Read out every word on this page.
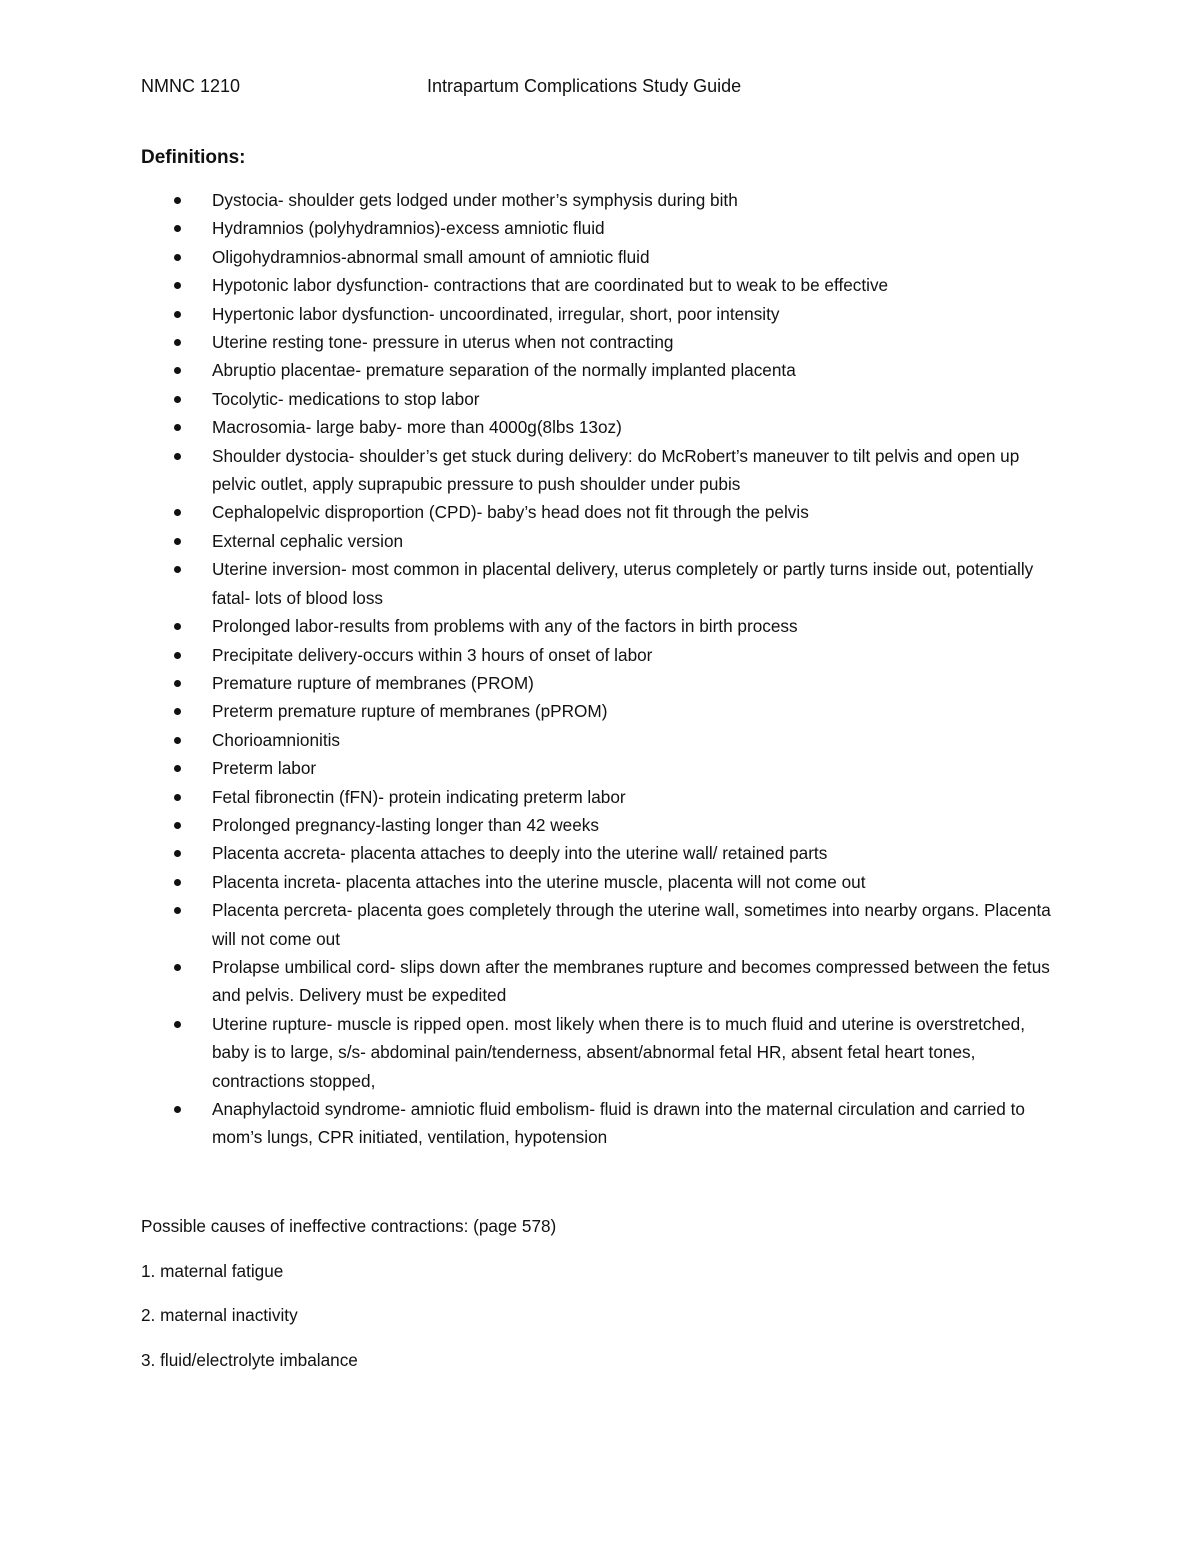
NMNC 1210	Intrapartum Complications Study Guide
Definitions:
Dystocia- shoulder gets lodged under mother’s symphysis during bith
Hydramnios (polyhydramnios)-excess amniotic fluid
Oligohydramnios-abnormal small amount of amniotic fluid
Hypotonic labor dysfunction- contractions that are coordinated but to weak to be effective
Hypertonic labor dysfunction- uncoordinated, irregular, short, poor intensity
Uterine resting tone- pressure in uterus when not contracting
Abruptio placentae- premature separation of the normally implanted placenta
Tocolytic- medications to stop labor
Macrosomia- large baby- more than 4000g(8lbs 13oz)
Shoulder dystocia- shoulder’s get stuck during delivery: do McRobert’s maneuver to tilt pelvis and open up pelvic outlet, apply suprapubic pressure to push shoulder under pubis
Cephalopelvic disproportion (CPD)- baby’s head does not fit through the pelvis
External cephalic version
Uterine inversion- most common in placental delivery, uterus completely or partly turns inside out, potentially fatal- lots of blood loss
Prolonged labor-results from problems with any of the factors in birth process
Precipitate delivery-occurs within 3 hours of onset of labor
Premature rupture of membranes (PROM)
Preterm premature rupture of membranes (pPROM)
Chorioamnionitis
Preterm labor
Fetal fibronectin (fFN)- protein indicating preterm labor
Prolonged pregnancy-lasting longer than 42 weeks
Placenta accreta- placenta attaches to deeply into the uterine wall/ retained parts
Placenta increta- placenta attaches into the uterine muscle, placenta will not come out
Placenta percreta- placenta goes completely through the uterine wall, sometimes into nearby organs. Placenta will not come out
Prolapse umbilical cord- slips down after the membranes rupture and becomes compressed between the fetus and pelvis. Delivery must be expedited
Uterine rupture- muscle is ripped open. most likely when there is to much fluid and uterine is overstretched, baby is to large, s/s- abdominal pain/tenderness, absent/abnormal fetal HR, absent fetal heart tones, contractions stopped,
Anaphylactoid syndrome- amniotic fluid embolism- fluid is drawn into the maternal circulation and carried to mom’s lungs, CPR initiated, ventilation, hypotension

Possible causes of ineffective contractions: (page 578)

1. maternal fatigue

2. maternal inactivity

3. fluid/electrolyte imbalance
